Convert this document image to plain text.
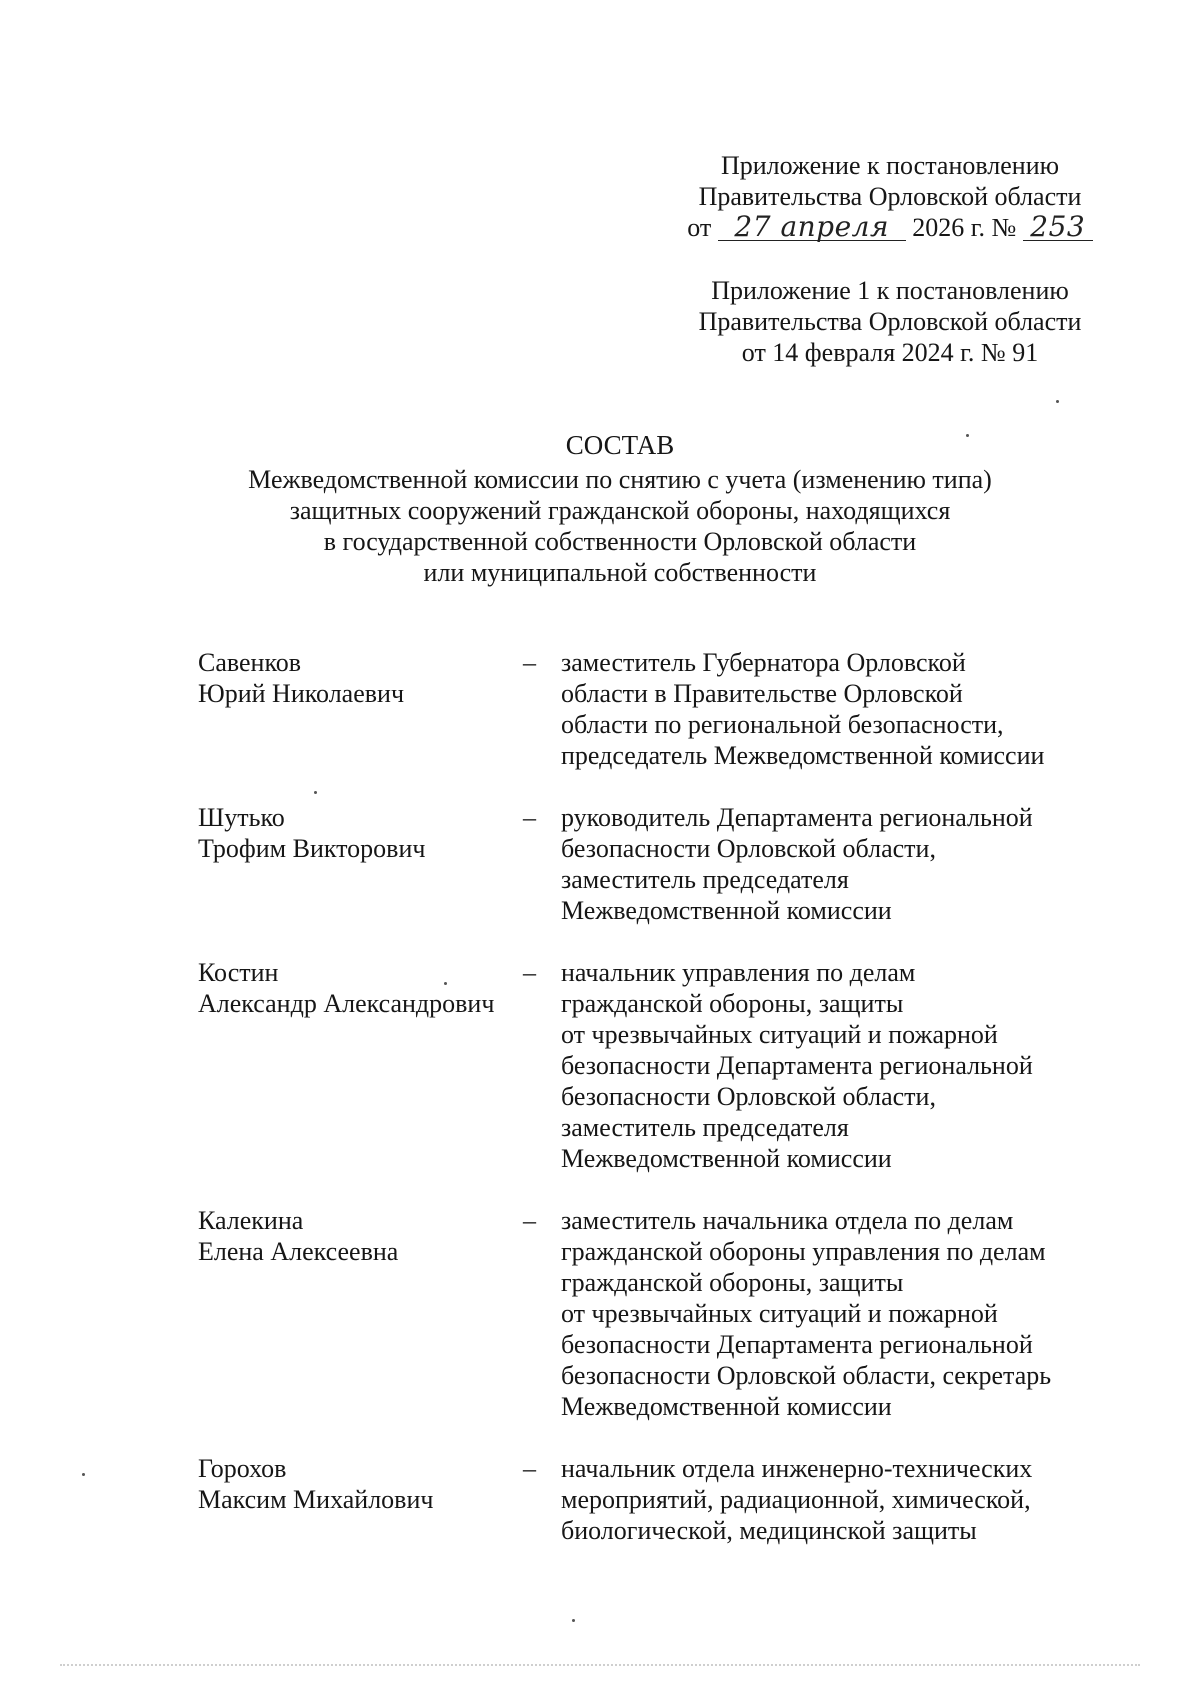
Приложение к постановлению
Правительства Орловской области
от 27 апреля 2026 г. № 253
Приложение 1 к постановлению
Правительства Орловской области
от 14 февраля 2024 г. № 91
СОСТАВ
Межведомственной комиссии по снятию с учета (изменению типа)
защитных сооружений гражданской обороны, находящихся
в государственной собственности Орловской области
или муниципальной собственности
Савенков
Юрий Николаевич
– заместитель Губернатора Орловской
области в Правительстве Орловской
области по региональной безопасности,
председатель Межведомственной комиссии
Шутько
Трофим Викторович
– руководитель Департамента региональной
безопасности Орловской области,
заместитель председателя
Межведомственной комиссии
Костин
Александр Александрович
– начальник управления по делам
гражданской обороны, защиты
от чрезвычайных ситуаций и пожарной
безопасности Департамента региональной
безопасности Орловской области,
заместитель председателя
Межведомственной комиссии
Калекина
Елена Алексеевна
– заместитель начальника отдела по делам
гражданской обороны управления по делам
гражданской обороны, защиты
от чрезвычайных ситуаций и пожарной
безопасности Департамента региональной
безопасности Орловской области, секретарь
Межведомственной комиссии
Горохов
Максим Михайлович
– начальник отдела инженерно-технических
мероприятий, радиационной, химической,
биологической, медицинской защиты
